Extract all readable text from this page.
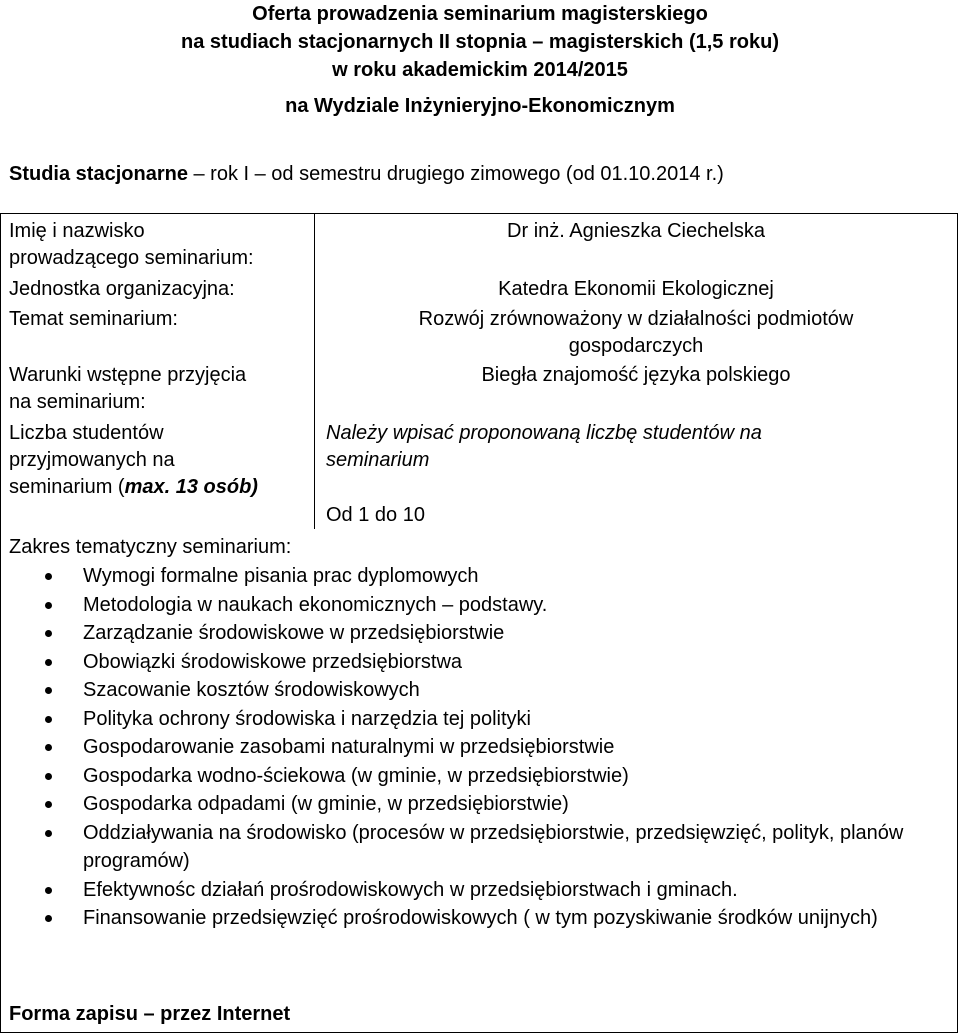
Oferta prowadzenia seminarium magisterskiego
na studiach stacjonarnych II stopnia – magisterskich (1,5 roku)
w roku akademickim 2014/2015
na Wydziale Inżynieryjno-Ekonomicznym
Studia stacjonarne – rok I – od semestru drugiego zimowego (od 01.10.2014 r.)
Imię i nazwisko
prowadzącego seminarium:
Jednostka organizacyjna:
Temat seminarium:
Warunki wstępne przyjęcia
na seminarium:
Liczba studentów
przyjmowanych na
seminarium (max. 13 osób)
Dr inż. Agnieszka Ciechelska
Katedra Ekonomii Ekologicznej
Rozwój zrównoważony w działalności podmiotów
gospodarczych
Biegła znajomość języka polskiego
Należy wpisać proponowaną liczbę studentów na
seminarium
Od 1 do 10
Zakres tematyczny seminarium:
Wymogi formalne pisania prac dyplomowych
Metodologia w naukach ekonomicznych – podstawy.
Zarządzanie środowiskowe w przedsiębiorstwie
Obowiązki środowiskowe przedsiębiorstwa
Szacowanie kosztów środowiskowych
Polityka ochrony środowiska i narzędzia tej polityki
Gospodarowanie zasobami naturalnymi w przedsiębiorstwie
Gospodarka wodno-ściekowa (w gminie, w przedsiębiorstwie)
Gospodarka odpadami (w gminie, w przedsiębiorstwie)
Oddziaływania na środowisko (procesów w przedsiębiorstwie, przedsięwzięć, polityk, planów programów)
Efektywnośc działań prośrodowiskowych w przedsiębiorstwach i gminach.
Finansowanie przedsięwzięć prośrodowiskowych ( w tym pozyskiwanie środków unijnych)
Forma zapisu – przez Internet
